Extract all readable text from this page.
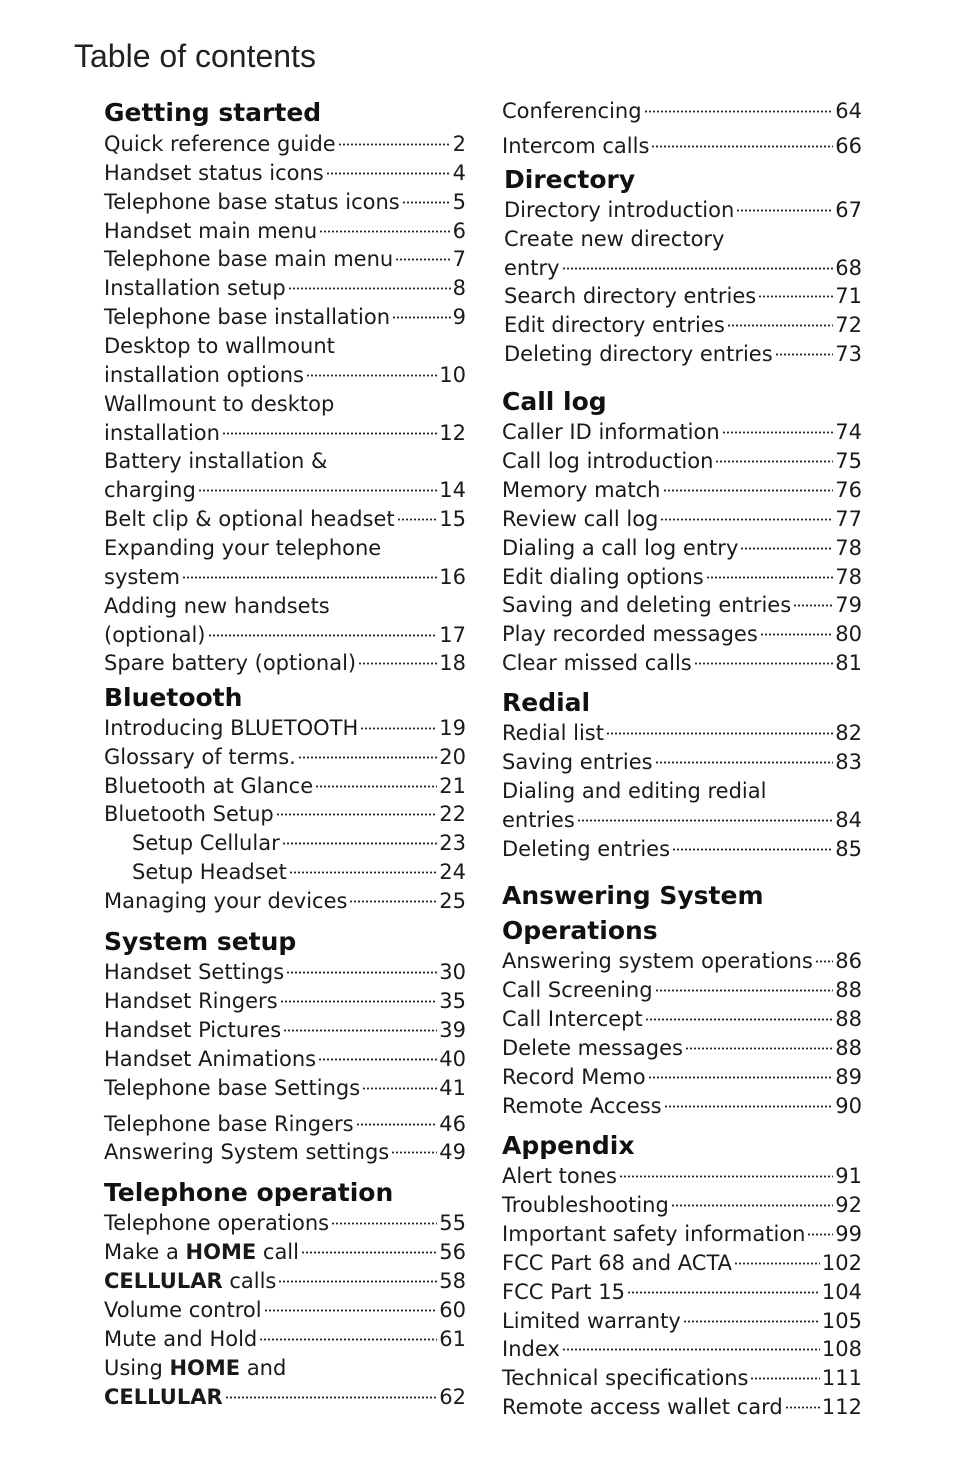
Table of contents
Getting started
Quick reference guide	2
Handset status icons	4
Telephone base status icons	5
Handset main menu	6
Telephone base main menu	7
Installation setup	8
Telephone base installation	9
Desktop to wallmount
installation options	10
Wallmount to desktop
installation	12
Battery installation &
charging	14
Belt clip & optional headset 15
Expanding your telephone
system	16
Adding new handsets
(optional)	17
Spare battery (optional)	18
Bluetooth
Introducing BLUETOOTH	19
Glossary of terms.	20
Bluetooth at Glance	21
Bluetooth Setup	22
Setup Cellular	23
Setup Headset	24
Managing your devices	25
System setup
Handset Settings	30
Handset Ringers	35
Handset Pictures	39
Handset Animations	40
Telephone base Settings	41
Telephone base Ringers	46
Answering System settings 49
Telephone operation
Telephone operations	55
Make a HOME call	56
CELLULAR calls	58
Volume control	60
Mute and Hold	61
Using HOME and
CELLULAR	62
Conferencing	64
Intercom calls	66
Directory
Directory introduction	67
Create new directory
entry	68
Search directory entries	71
Edit directory entries	72
Deleting directory entries	73
Call log
Caller ID information	74
Call log introduction	75
Memory match	76
Review call log	77
Dialing a call log entry	78
Edit dialing options	78
Saving and deleting entries 79
Play recorded messages	80
Clear missed calls	81
Redial
Redial list	82
Saving entries	83
Dialing and editing redial
entries	84
Deleting entries	85
Answering System
Operations
Answering system operations 86
Call Screening	88
Call Intercept	88
Delete messages	88
Record Memo	89
Remote Access	90
Appendix
Alert tones	91
Troubleshooting	92
Important safety information 99
FCC Part 68 and ACTA	102
FCC Part 15	104
Limited warranty	105
Index	108
Technical specifications	111
Remote access wallet card 112
